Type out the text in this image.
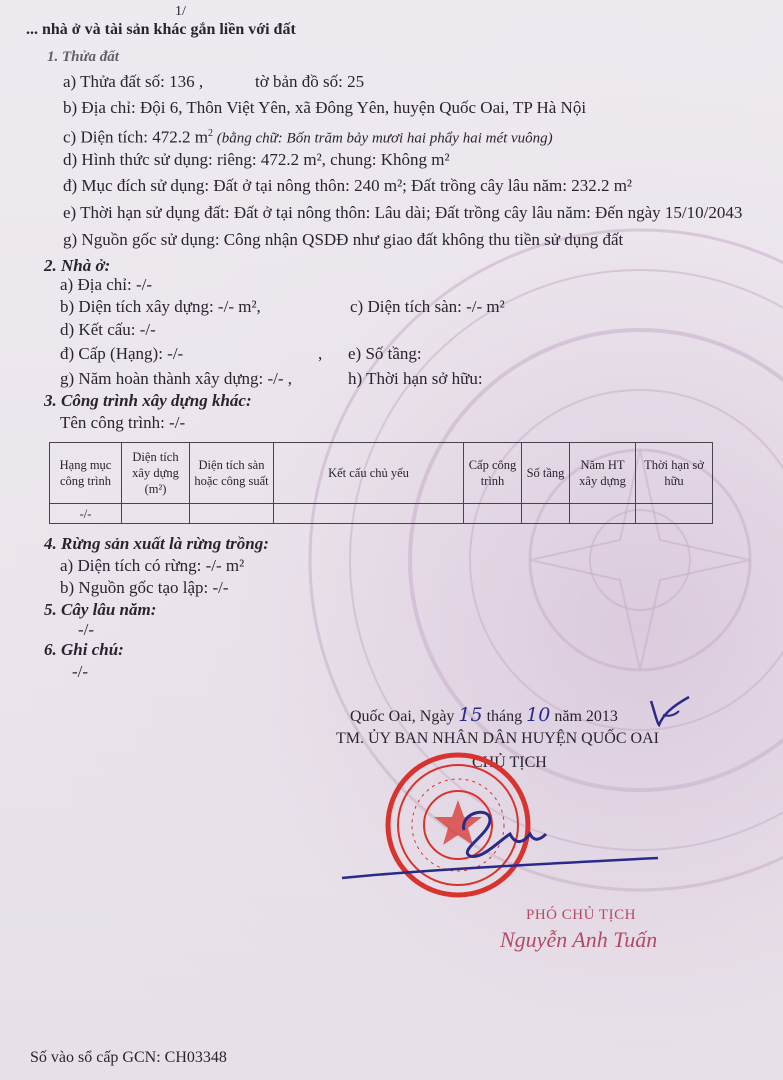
... nhà ở và tài sản khác gắn liền với đất
1/
1. Thửa đất
a) Thửa đất số: 136 ,	tờ bản đồ số: 25
b) Địa chỉ: Đội 6, Thôn Việt Yên, xã Đông Yên, huyện Quốc Oai, TP Hà Nội
c) Diện tích: 472.2 $m^2$ (bằng chữ: Bốn trăm bảy mươi hai phẩy hai mét vuông)
d) Hình thức sử dụng: riêng: 472.2 m², chung: Không m²
đ) Mục đích sử dụng: Đất ở tại nông thôn: 240 m²; Đất trồng cây lâu năm: 232.2 m²
e) Thời hạn sử dụng đất: Đất ở tại nông thôn: Lâu dài; Đất trồng cây lâu năm: Đến ngày 15/10/2043
g) Nguồn gốc sử dụng: Công nhận QSDĐ như giao đất không thu tiền sử dụng đất
2. Nhà ở:
a) Địa chỉ: -/-
b) Diện tích xây dựng: -/- m²,	c) Diện tích sàn: -/- m²
d) Kết cấu: -/-
đ) Cấp (Hạng): -/-	, e) Số tầng:
g) Năm hoàn thành xây dựng: -/- ,	h) Thời hạn sở hữu:
3. Công trình xây dựng khác:
Tên công trình: -/-
Hạng mục công trình	Diện tích xây dựng (m²)	Diện tích sàn hoặc công suất	Kết cấu chủ yếu	Cấp công trình	Số tầng	Năm HT xây dựng	Thời hạn sở hữu
-/-							
4. Rừng sản xuất là rừng trồng:
a) Diện tích có rừng: -/- m²
b) Nguồn gốc tạo lập: -/-
5. Cây lâu năm:
-/-
6. Ghi chú:
-/-
Quốc Oai, Ngày 15 tháng 10 năm 2013
TM. ỦY BAN NHÂN DÂN HUYỆN QUỐC OAI
CHỦ TỊCH
PHÓ CHỦ TỊCH
Nguyễn Anh Tuấn
Số vào sổ cấp GCN: CH03348
